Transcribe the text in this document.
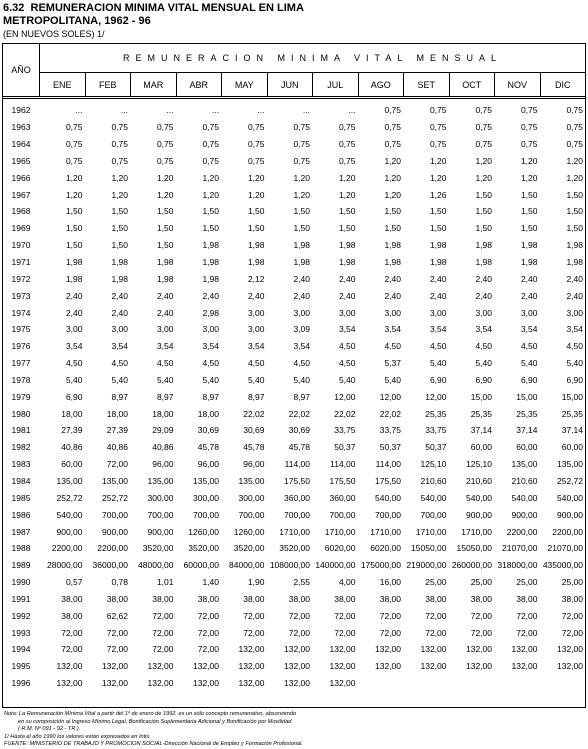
6.32  REMUNERACION MINIMA VITAL MENSUAL EN LIMA
METROPOLITANA, 1962 - 96
(EN NUEVOS SOLES) 1/
AÑO
REMUNERACION MINIMA VITAL MENSUAL
ENE	FEB	MAR	ABR	MAY	JUN	JUL	AGO	SET	OCT	NOV	DIC
1962	...	...	...	...	...	...	...	0,75	0,75	0,75	0,75	0,75
1963	0,75	0,75	0,75	0,75	0,75	0,75	0,75	0,75	0,75	0,75	0,75	0,75
1964	0,75	0,75	0,75	0,75	0,75	0,75	0,75	0,75	0,75	0,75	0,75	0,75
1965	0,75	0,75	0,75	0,75	0,75	0,75	0,75	1,20	1,20	1,20	1,20	1,20
1966	1,20	1,20	1,20	1,20	1,20	1,20	1,20	1,20	1,20	1,20	1,20	1,20
1967	1,20	1,20	1,20	1,20	1,20	1,20	1,20	1,20	1,26	1,50	1,50	1,50
1968	1,50	1,50	1,50	1,50	1,50	1,50	1,50	1,50	1,50	1,50	1,50	1,50
1969	1,50	1,50	1,50	1,50	1,50	1,50	1,50	1,50	1,50	1,50	1,50	1,50
1970	1,50	1,50	1,50	1,98	1,98	1,98	1,98	1,98	1,98	1,98	1,98	1,98
1971	1,98	1,98	1,98	1,98	1,98	1,98	1,98	1,98	1,98	1,98	1,98	1,98
1972	1,98	1,98	1,98	1,98	2,12	2,40	2,40	2,40	2,40	2,40	2,40	2,40
1973	2,40	2,40	2,40	2,40	2,40	2,40	2,40	2,40	2,40	2,40	2,40	2,40
1974	2,40	2,40	2,40	2,98	3,00	3,00	3,00	3,00	3,00	3,00	3,00	3,00
1975	3,00	3,00	3,00	3,00	3,00	3,09	3,54	3,54	3,54	3,54	3,54	3,54
1976	3,54	3,54	3,54	3,54	3,54	3,54	4,50	4,50	4,50	4,50	4,50	4,50
1977	4,50	4,50	4,50	4,50	4,50	4,50	4,50	5,37	5,40	5,40	5,40	5,40
1978	5,40	5,40	5,40	5,40	5,40	5,40	5,40	5,40	6,90	6,90	6,90	6,90
1979	6,90	8,97	8,97	8,97	8,97	8,97	12,00	12,00	12,00	15,00	15,00	15,00
1980	18,00	18,00	18,00	18,00	22,02	22,02	22,02	22,02	25,35	25,35	25,35	25,35
1981	27,39	27,39	29,09	30,69	30,69	30,69	33,75	33,75	33,75	37,14	37,14	37,14
1982	40,86	40,86	40,86	45,78	45,78	45,78	50,37	50,37	50,37	60,00	60,00	60,00
1983	60,00	72,00	96,00	96,00	96,00	114,00	114,00	114,00	125,10	125,10	135,00	135,00
1984	135,00	135,00	135,00	135,00	135,00	175,50	175,50	175,50	210,60	210,60	210,60	252,72
1985	252,72	252,72	300,00	300,00	300,00	360,00	360,00	540,00	540,00	540,00	540,00	540,00
1986	540,00	700,00	700,00	700,00	700,00	700,00	700,00	700,00	700,00	900,00	900,00	900,00
1987	900,00	900,00	900,00	1260,00	1260,00	1710,00	1710,00	1710,00	1710,00	1710,00	2200,00	2200,00
1988	2200,00	2200,00	3520,00	3520,00	3520,00	3520,00	6020,00	6020,00	15050,00	15050,00	21070,00	21070,00
1989	28000,00	36000,00	48000,00	60000,00	84000,00 108000,00 140000,00 175000,00 219000,00 260000,00 318000,00 435000,00
1990	0,57	0,78	1,01	1,40	1,90	2,55	4,00	16,00	25,00	25,00	25,00	25,00
1991	38,00	38,00	38,00	38,00	38,00	38,00	38,00	38,00	38,00	38,00	38,00	38,00
1992	38,00	62,62	72,00	72,00	72,00	72,00	72,00	72,00	72,00	72,00	72,00	72,00
1993	72,00	72,00	72,00	72,00	72,00	72,00	72,00	72,00	72,00	72,00	72,00	72,00
1994	72,00	72,00	72,00	72,00	132,00	132,00	132,00	132,00	132,00	132,00	132,00	132,00
1995	132,00	132,00	132,00	132,00	132,00	132,00	132,00	132,00	132,00	132,00	132,00	132,00
1996	132,00	132,00	132,00	132,00	132,00	132,00	132,00
Nota: La Remuneración Mínima Vital a partir del 1º de enero de 1992, es un sólo concepto remunerativo, absorviendo
en su composición al Ingreso Mínimo Legal, Bonificación Suplementaria Adicional y Bonificación por Movilidad.
( R.M. Nº 091 - 92 - TR ).
1/ Hasta el año 1990 los valores están expresados en Intis.
FUENTE: MINISTERIO DE TRABAJO Y PROMOCION SOCIAL-Dirección Nacional de Empleo y Formación Profesional.
